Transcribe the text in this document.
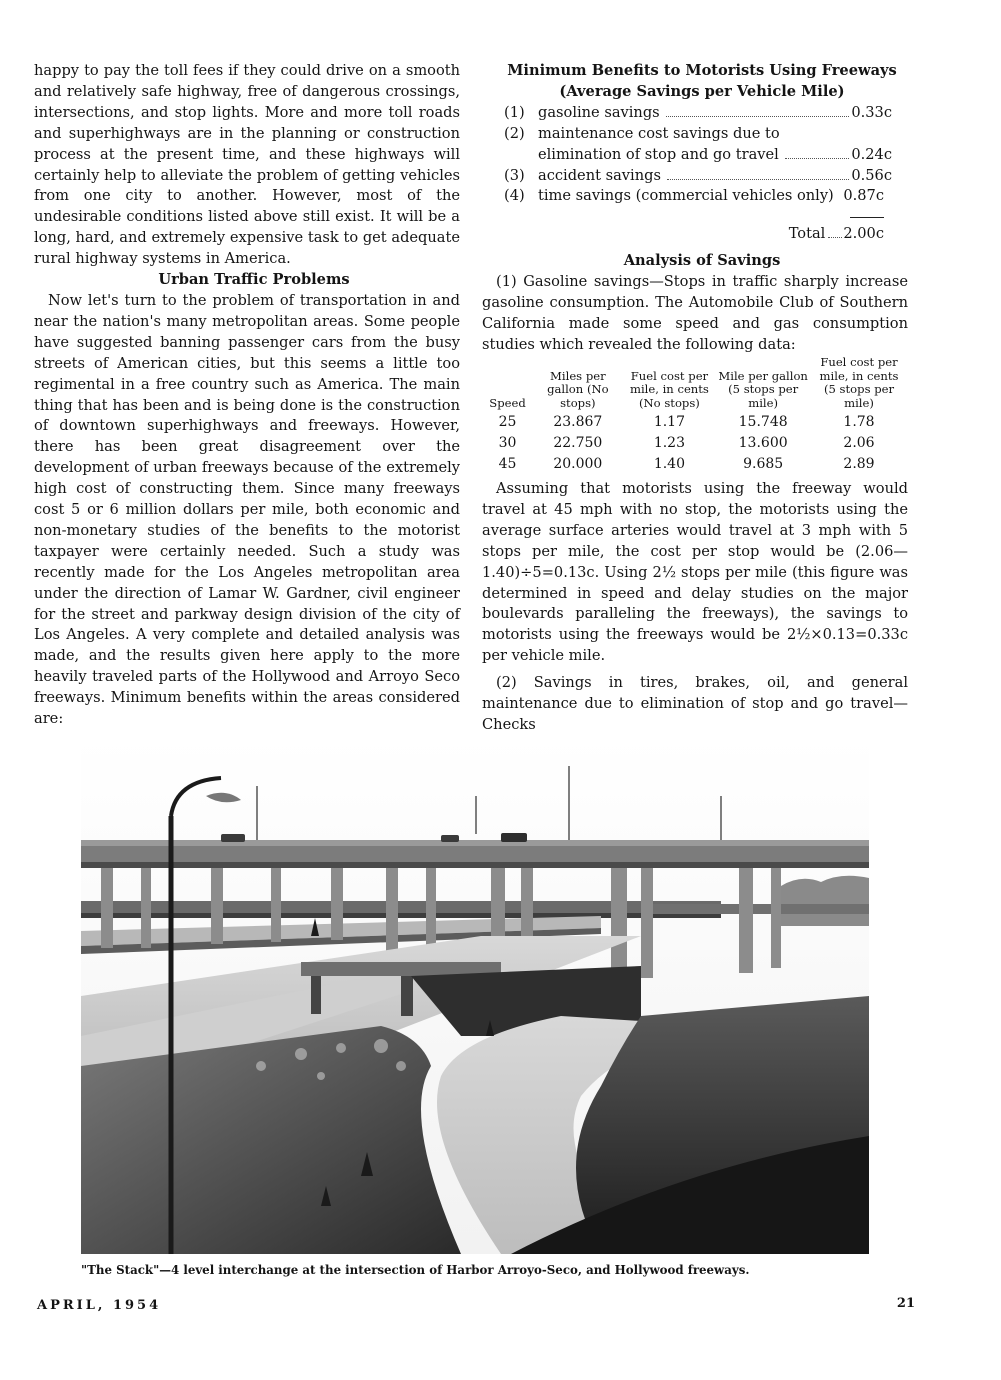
happy to pay the toll fees if they could drive on a smooth and relatively safe highway, free of dangerous crossings, intersections, and stop lights. More and more toll roads and superhighways are in the planning or construction process at the present time, and these highways will certainly help to alleviate the problem of getting vehicles from one city to another. However, most of the undesirable conditions listed above still exist. It will be a long, hard, and extremely expensive task to get adequate rural highway systems in America.

Urban Traffic Problems

Now let's turn to the problem of transportation in and near the nation's many metropolitan areas. Some people have suggested banning passenger cars from the busy streets of American cities, but this seems a little too regimental in a free country such as America. The main thing that has been and is being done is the construction of downtown superhighways and freeways. However, there has been great disagreement over the development of urban freeways because of the extremely high cost of constructing them. Since many freeways cost 5 or 6 million dollars per mile, both economic and non-monetary studies of the benefits to the motorist taxpayer were certainly needed. Such a study was recently made for the Los Angeles metropolitan area under the direction of Lamar W. Gardner, civil engineer for the street and parkway design division of the city of Los Angeles. A very complete and detailed analysis was made, and the results given here apply to the more heavily traveled parts of the Hollywood and Arroyo Seco freeways. Minimum benefits within the areas considered are:

Minimum Benefits to Motorists Using Freeways

(Average Savings per Vehicle Mile)

(1) gasoline savings	0.33c
(2) maintenance cost savings due to
elimination of stop and go travel	0.24c
(3) accident savings	0.56c
(4) time savings (commercial vehicles only) 0.87c
Total 2.00c

Analysis of Savings

(1) Gasoline savings—Stops in traffic sharply increase gasoline consumption. The Automobile Club of Southern California made some speed and gas consumption studies which revealed the following data:

Speed	Miles per gallon (No stops)	Fuel cost per mile, in cents (No stops)	Mile per gallon (5 stops per mile)	Fuel cost per mile, in cents (5 stops per mile)
25	23.867	1.17	15.748	1.78
30	22.750	1.23	13.600	2.06
45	20.000	1.40	9.685	2.89

Assuming that motorists using the freeway would travel at 45 mph with no stop, the motorists using the average surface arteries would travel at 3 mph with 5 stops per mile, the cost per stop would be (2.06—1.40)÷5=0.13c. Using 2½ stops per mile (this figure was determined in speed and delay studies on the major boulevards paralleling the freeways), the savings to motorists using the freeways would be 2½×0.13=0.33c per vehicle mile.

(2) Savings in tires, brakes, oil, and general maintenance due to elimination of stop and go travel—Checks

"The Stack"—4 level interchange at the intersection of Harbor Arroyo-Seco, and Hollywood freeways.
APRIL, 1954	21
